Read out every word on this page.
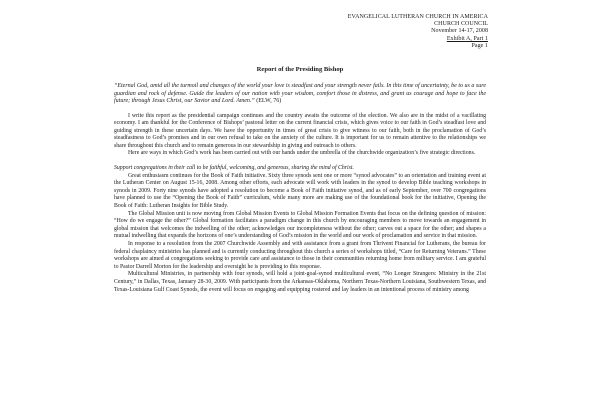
EVANGELICAL LUTHERAN CHURCH IN AMERICA
CHURCH COUNCIL
November 14-17, 2008
Exhibit A, Part 1
Page 1
Report of the Presiding Bishop
“Eternal God, amid all the turmoil and changes of the world your love is steadfast and your strength never fails. In this time of uncertainty, be to us a sure guardian and rock of defense. Guide the leaders of our nation with your wisdom, comfort those in distress, and grant us courage and hope to face the future; through Jesus Christ, our Savior and Lord. Amen.” (ELW, 76)

I write this report as the presidential campaign continues and the country awaits the outcome of the election. We also are in the midst of a vacillating economy. I am thankful for the Conference of Bishops’ pastoral letter on the current financial crisis, which gives voice to our faith in God’s steadfast love and guiding strength in these uncertain days. We have the opportunity in times of great crisis to give witness to our faith, both in the proclamation of God’s steadfastness to God’s promises and in our own refusal to take on the anxiety of the culture. It is important for us to remain attentive to the relationships we share throughout this church and to remain generous in our stewardship in giving and outreach to others.

Here are ways in which God’s work has been carried out with our hands under the umbrella of the churchwide organization’s five strategic directions.

Support congregations in their call to be faithful, welcoming, and generous, sharing the mind of Christ.

Great enthusiasm continues for the Book of Faith initiative. Sixty three synods sent one or more “synod advocates” to an orientation and training event at the Lutheran Center on August 15-16, 2008. Among other efforts, each advocate will work with leaders in the synod to develop Bible teaching workshops in synods in 2009. Forty nine synods have adopted a resolution to become a Book of Faith initiative synod, and as of early September, over 700 congregations have planned to use the “Opening the Book of Faith” curriculum, while many more are making use of the foundational book for the initiative, Opening the Book of Faith: Lutheran Insights for Bible Study.

The Global Mission unit is now moving from Global Mission Events to Global Mission Formation Events that focus on the defining question of mission: “How do we engage the other?” Global formation facilitates a paradigm change in this church by encouraging members to move towards an engagement in global mission that welcomes the indwelling of the other; acknowledges our incompleteness without the other; carves out a space for the other; and shapes a mutual indwelling that expands the horizons of one’s understanding of God’s mission in the world and our work of proclamation and service in that mission.

In response to a resolution from the 2007 Churchwide Assembly and with assistance from a grant from Thrivent Financial for Lutherans, the bureau for federal chaplaincy ministries has planned and is currently conducting throughout this church a series of workshops titled, “Care for Returning Veterans.” These workshops are aimed at congregations seeking to provide care and assistance to those in their communities returning home from military service. I am grateful to Pastor Darrell Morton for the leadership and oversight he is providing to this response.

Multicultural Ministries, in partnership with four synods, will hold a joint-goal-synod multicultural event, “No Longer Strangers: Ministry in the 21st Century,” in Dallas, Texas, January 28-30, 2009. With participants from the Arkansas-Oklahoma, Northern Texas-Northern Louisiana, Southwestern Texas, and Texas-Louisiana Gulf Coast Synods, the event will focus on engaging and equipping rostered and lay leaders in an intentional process of ministry among
